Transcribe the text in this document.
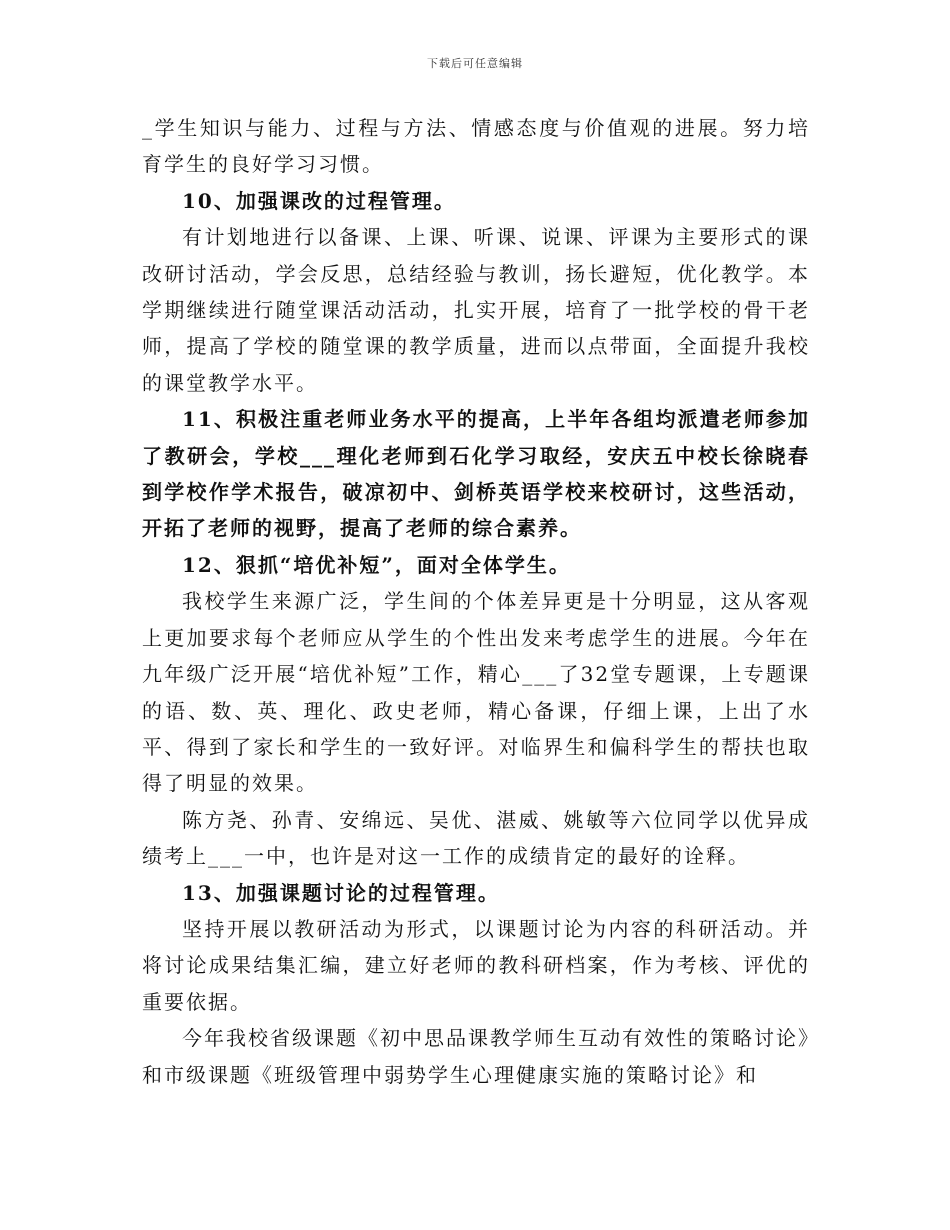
下载后可任意编辑

_学生知识与能力、过程与方法、情感态度与价值观的进展。努力培育学生的良好学习习惯。

10、加强课改的过程管理。

有计划地进行以备课、上课、听课、说课、评课为主要形式的课改研讨活动，学会反思，总结经验与教训，扬长避短，优化教学。本学期继续进行随堂课活动活动，扎实开展，培育了一批学校的骨干老师，提高了学校的随堂课的教学质量，进而以点带面，全面提升我校的课堂教学水平。

11、积极注重老师业务水平的提高，上半年各组均派遣老师参加了教研会，学校___理化老师到石化学习取经，安庆五中校长徐晓春到学校作学术报告，破凉初中、剑桥英语学校来校研讨，这些活动，开拓了老师的视野，提高了老师的综合素养。

12、狠抓“培优补短”，面对全体学生。

我校学生来源广泛，学生间的个体差异更是十分明显，这从客观上更加要求每个老师应从学生的个性出发来考虑学生的进展。今年在九年级广泛开展“培优补短”工作，精心___了32堂专题课，上专题课的语、数、英、理化、政史老师，精心备课，仔细上课，上出了水平、得到了家长和学生的一致好评。对临界生和偏科学生的帮扶也取得了明显的效果。

陈方尧、孙青、安绵远、吴优、湛威、姚敏等六位同学以优异成绩考上___一中，也许是对这一工作的成绩肯定的最好的诠释。

13、加强课题讨论的过程管理。

坚持开展以教研活动为形式，以课题讨论为内容的科研活动。并将讨论成果结集汇编，建立好老师的教科研档案，作为考核、评优的重要依据。

今年我校省级课题《初中思品课教学师生互动有效性的策略讨论》和市级课题《班级管理中弱势学生心理健康实施的策略讨论》和
